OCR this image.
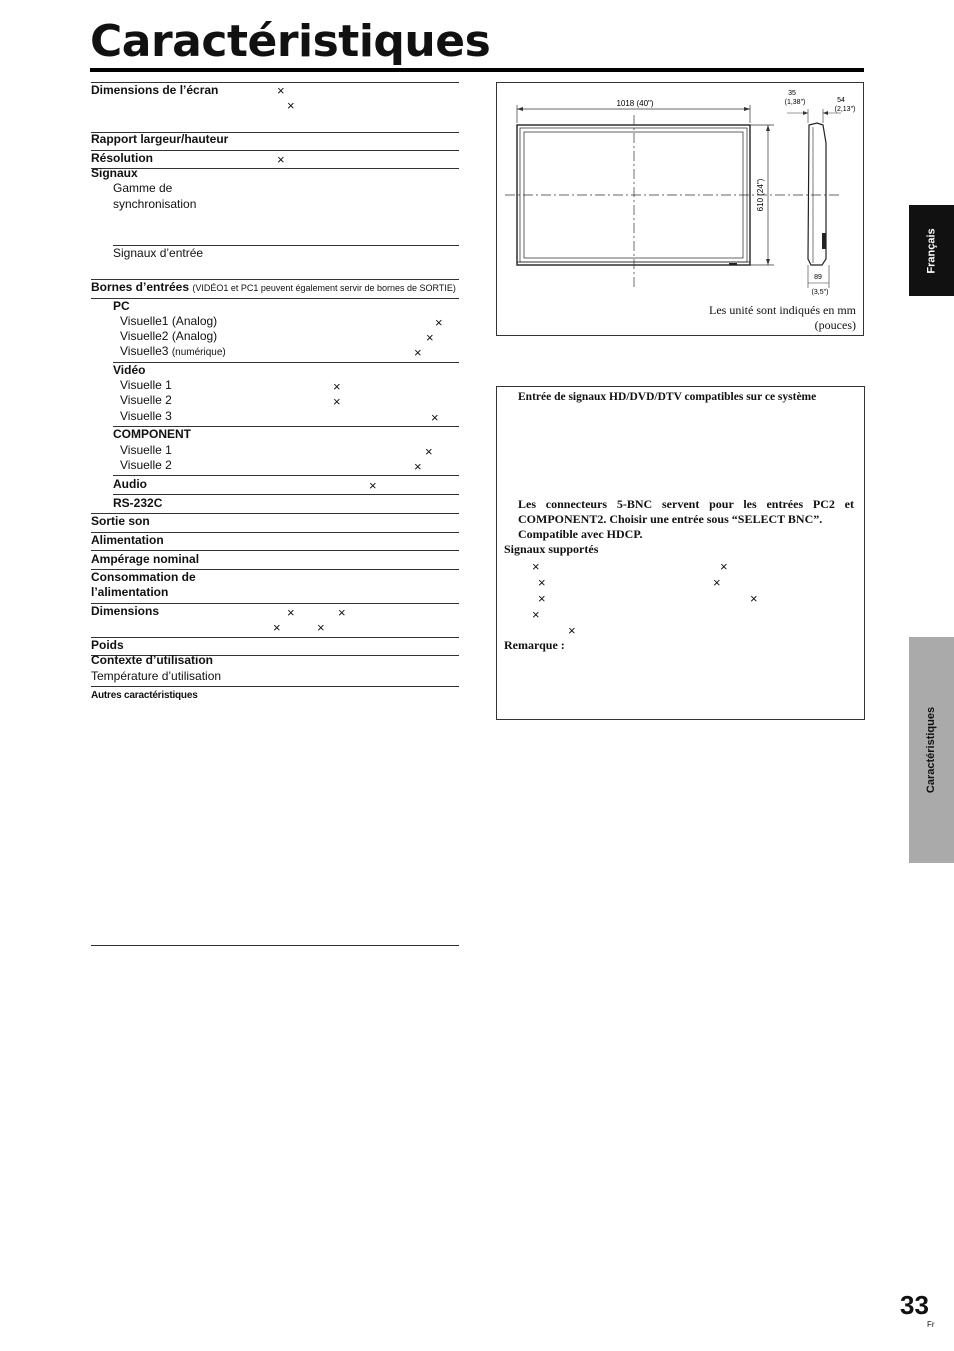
Caractéristiques
Dimensions de l’écran	×
×
Rapport largeur/hauteur
Résolution	×
Signaux
Gamme de
synchronisation
Signaux d’entrée
Bornes d’entrées (VIDÉO1 et PC1 peuvent également servir de bornes de SORTIE)
PC
Visuelle1 (Analog)	×
Visuelle2 (Analog)	×
Visuelle3 (numérique)	×
Vidéo
Visuelle 1	×
Visuelle 2	×
Visuelle 3	×
COMPONENT
Visuelle 1	×
Visuelle 2	×
Audio	×
RS-232C
Sortie son
Alimentation
Ampérage nominal
Consommation de
l’alimentation
Dimensions	×	×
×	×
Poids
Contexte d’utilisation
Température d’utilisation
Autres caractéristiques
1018 (40")
610 (24")
35
(1,38")	54
(2,13")
89
(3,5")
Les unité sont indiqués en mm
(pouces)
Entrée de signaux HD/DVD/DTV compatibles sur ce système
Les connecteurs 5-BNC servent pour les entrées PC2 et
COMPONENT2. Choisir une entrée sous “SELECT BNC”.
Compatible avec HDCP.
Signaux supportés
×	×
×	×
×	×
×
×
Remarque :
Français
Caractéristiques
33
Fr
